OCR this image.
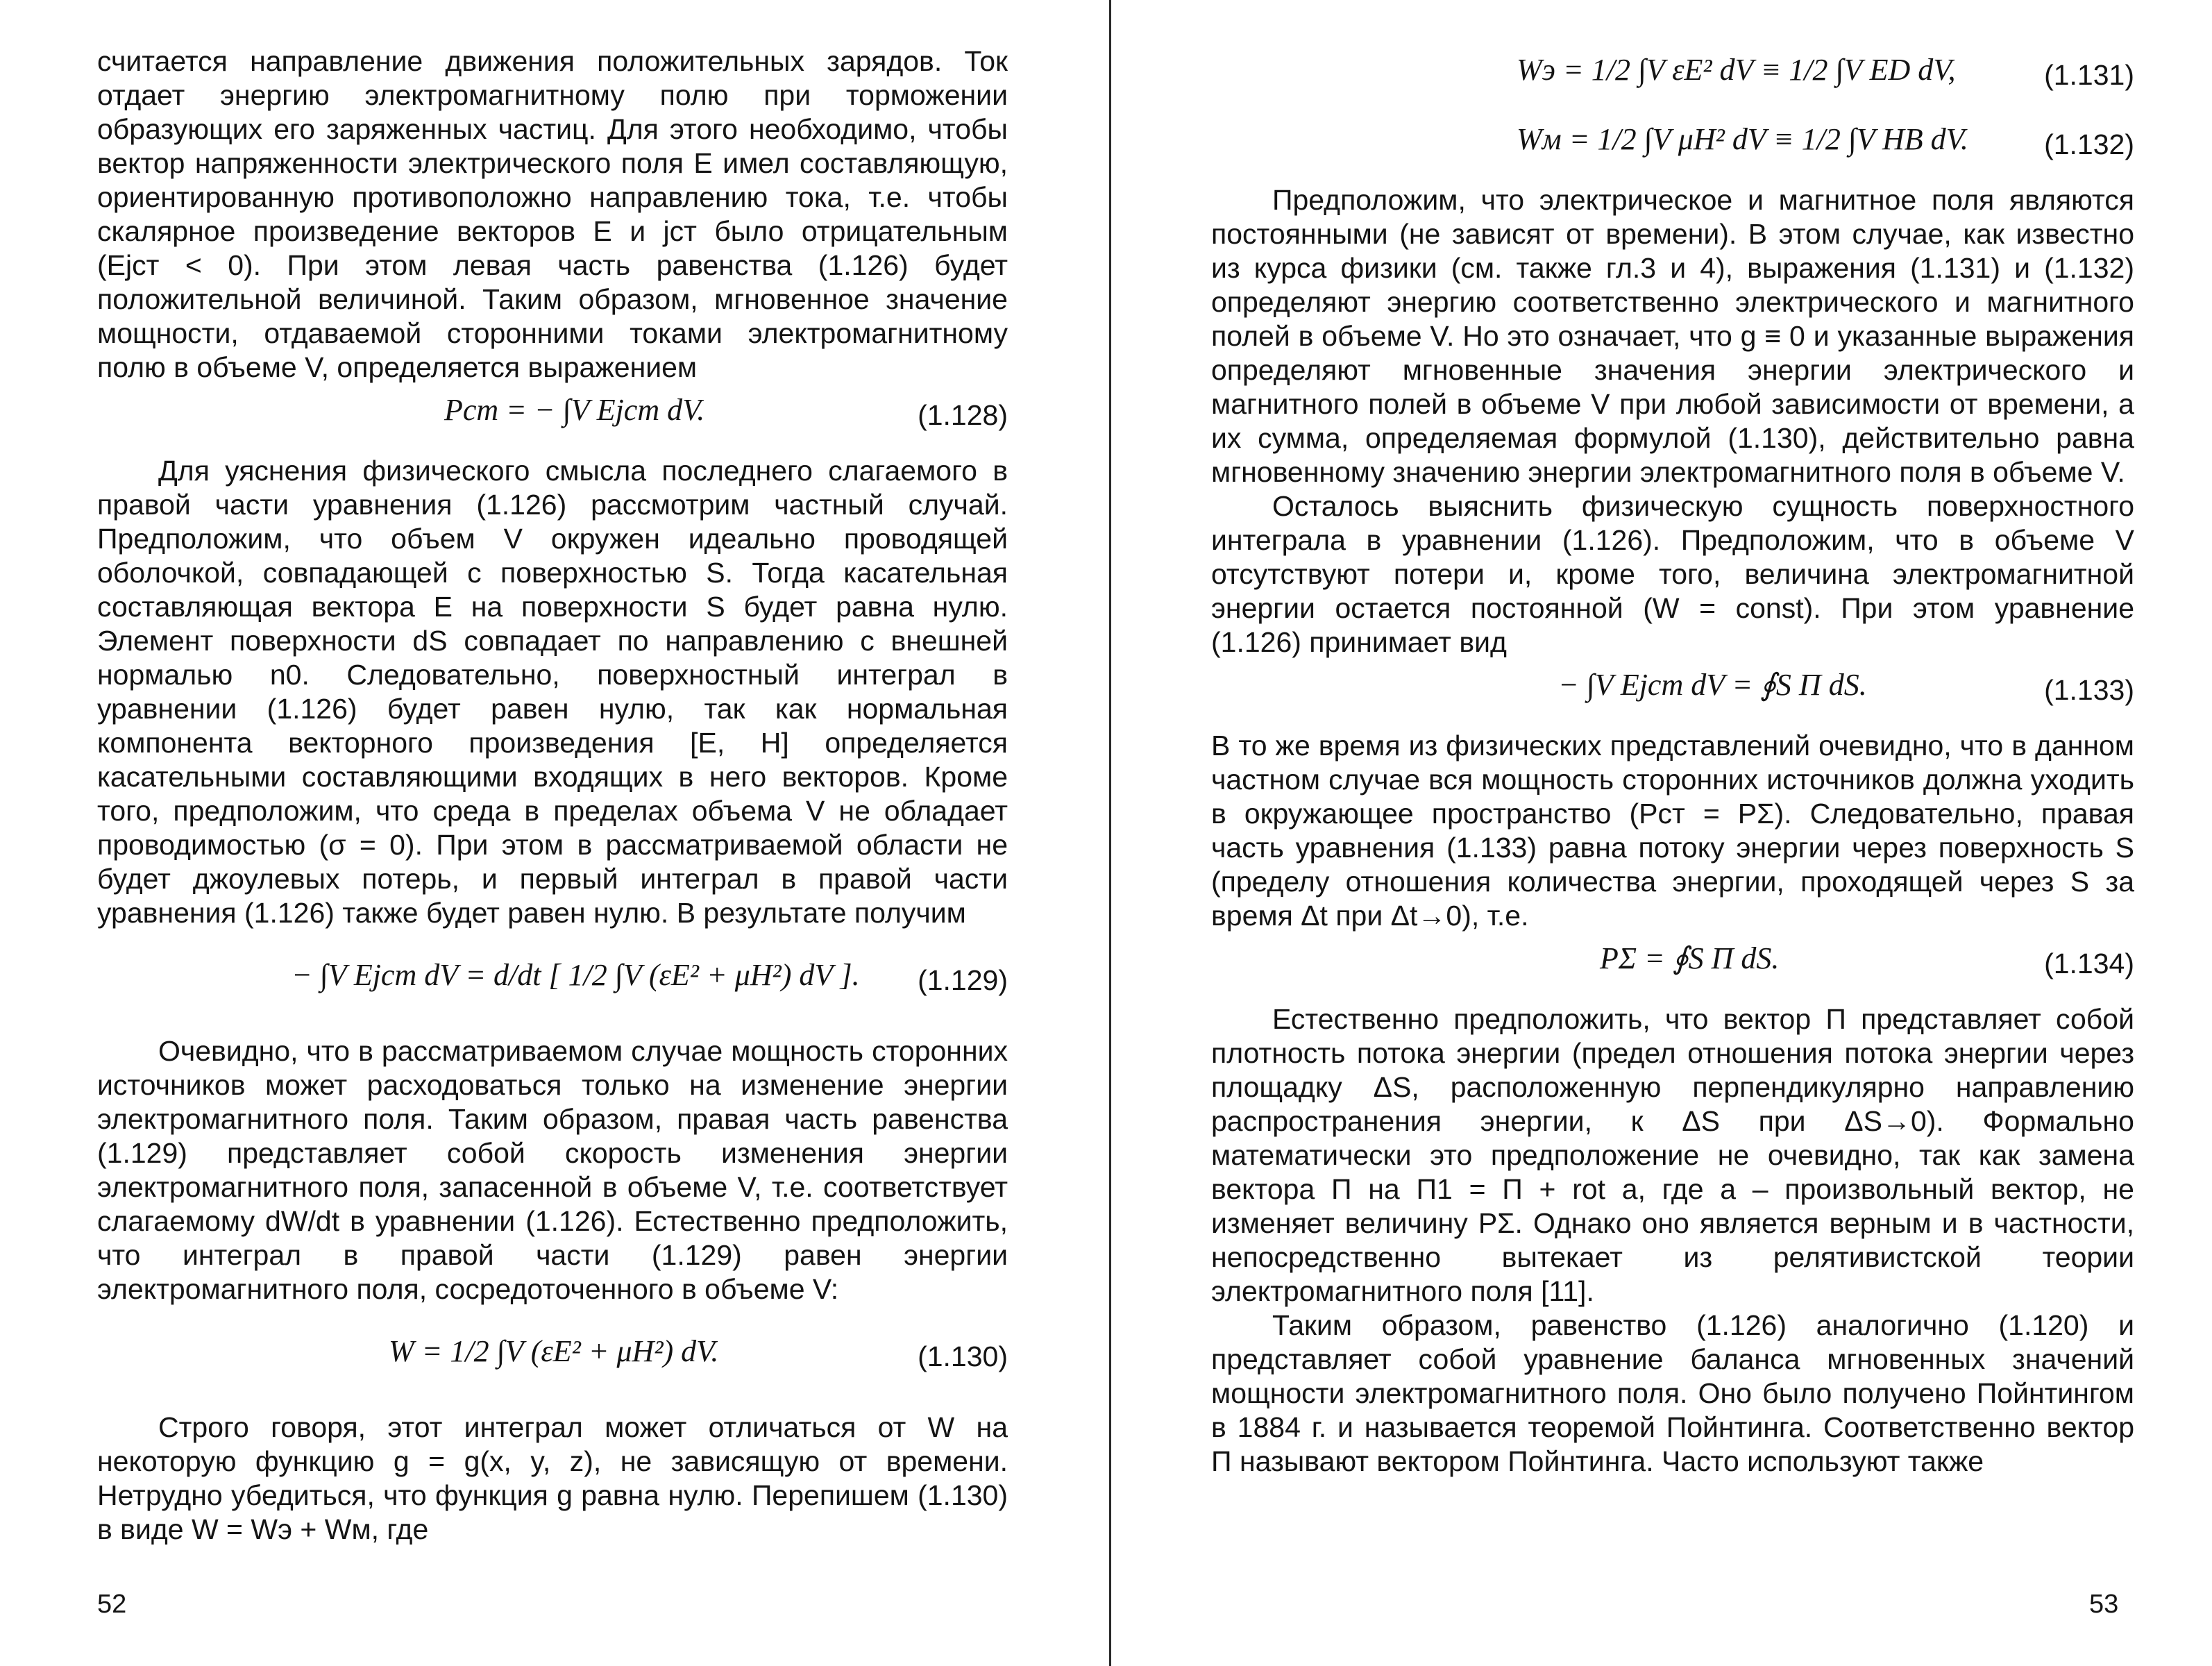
считается направление движения положительных зарядов. Ток отдает энергию электромагнитному полю при торможении образующих его заряженных частиц. Для этого необходимо, чтобы вектор напряженности электрического поля E имел составляющую, ориентированную противоположно направлению тока, т.е. чтобы скалярное произведение векторов E и jст было отрицательным (Ejст < 0). При этом левая часть равенства (1.126) будет положительной величиной. Таким образом, мгновенное значение мощности, отдаваемой сторонними токами электромагнитному полю в объеме V, определяется выражением

Pст = − ∫V Ejст dV.	(1.128)

Для уяснения физического смысла последнего слагаемого в правой части уравнения (1.126) рассмотрим частный случай. Предположим, что объем V окружен идеально проводящей оболочкой, совпадающей с поверхностью S. Тогда касательная составляющая вектора E на поверхности S будет равна нулю. Элемент поверхности dS совпадает по направлению с внешней нормалью n0. Следовательно, поверхностный интеграл в уравнении (1.126) будет равен нулю, так как нормальная компонента векторного произведения [E, H] определяется касательными составляющими входящих в него векторов. Кроме того, предположим, что среда в пределах объема V не обладает проводимостью (σ = 0). При этом в рассматриваемой области не будет джоулевых потерь, и первый интеграл в правой части уравнения (1.126) также будет равен нулю. В результате получим

− ∫V Ejст dV = d/dt [ 1/2 ∫V (εE² + μH²) dV ]. (1.129)

Очевидно, что в рассматриваемом случае мощность сторонних источников может расходоваться только на изменение энергии электромагнитного поля. Таким образом, правая часть равенства (1.129) представляет собой скорость изменения энергии электромагнитного поля, запасенной в объеме V, т.е. соответствует слагаемому dW/dt в уравнении (1.126). Естественно предположить, что интеграл в правой части (1.129) равен энергии электромагнитного поля, сосредоточенного в объеме V:

W = 1/2 ∫V (εE² + μH²) dV.	(1.130)

Строго говоря, этот интеграл может отличаться от W на некоторую функцию g = g(x, y, z), не зависящую от времени. Нетрудно убедиться, что функция g равна нулю. Перепишем (1.130) в виде W = Wэ + Wм, где

52
Wэ = 1/2 ∫V εE² dV ≡ 1/2 ∫V ED dV,	(1.131)
Wм = 1/2 ∫V μH² dV ≡ 1/2 ∫V HB dV.	(1.132)

Предположим, что электрическое и магнитное поля являются постоянными (не зависят от времени). В этом случае, как известно из курса физики (см. также гл.3 и 4), выражения (1.131) и (1.132) определяют энергию соответственно электрического и магнитного полей в объеме V. Но это означает, что g ≡ 0 и указанные выражения определяют мгновенные значения энергии электрического и магнитного полей в объеме V при любой зависимости от времени, а их сумма, определяемая формулой (1.130), действительно равна мгновенному значению энергии электромагнитного поля в объеме V.

Осталось выяснить физическую сущность поверхностного интеграла в уравнении (1.126). Предположим, что в объеме V отсутствуют потери и, кроме того, величина электромагнитной энергии остается постоянной (W = const). При этом уравнение (1.126) принимает вид

− ∫V Ejст dV = ∮S Π dS.	(1.133)

В то же время из физических представлений очевидно, что в данном частном случае вся мощность сторонних источников должна уходить в окружающее пространство (Pст = PΣ). Следовательно, правая часть уравнения (1.133) равна потоку энергии через поверхность S (пределу отношения количества энергии, проходящей через S за время Δt при Δt→0), т.е.

PΣ = ∮S Π dS.	(1.134)

Естественно предположить, что вектор Π представляет собой плотность потока энергии (предел отношения потока энергии через площадку ΔS, расположенную перпендикулярно направлению распространения энергии, к ΔS при ΔS→0). Формально математически это предположение не очевидно, так как замена вектора Π на Π1 = Π + rot a, где a – произвольный вектор, не изменяет величину PΣ. Однако оно является верным и в частности, непосредственно вытекает из релятивистской теории электромагнитного поля [11].

Таким образом, равенство (1.126) аналогично (1.120) и представляет собой уравнение баланса мгновенных значений мощности электромагнитного поля. Оно было получено Пойнтингом в 1884 г. и называется теоремой Пойнтинга. Соответственно вектор Π называют вектором Пойнтинга. Часто используют также

53
